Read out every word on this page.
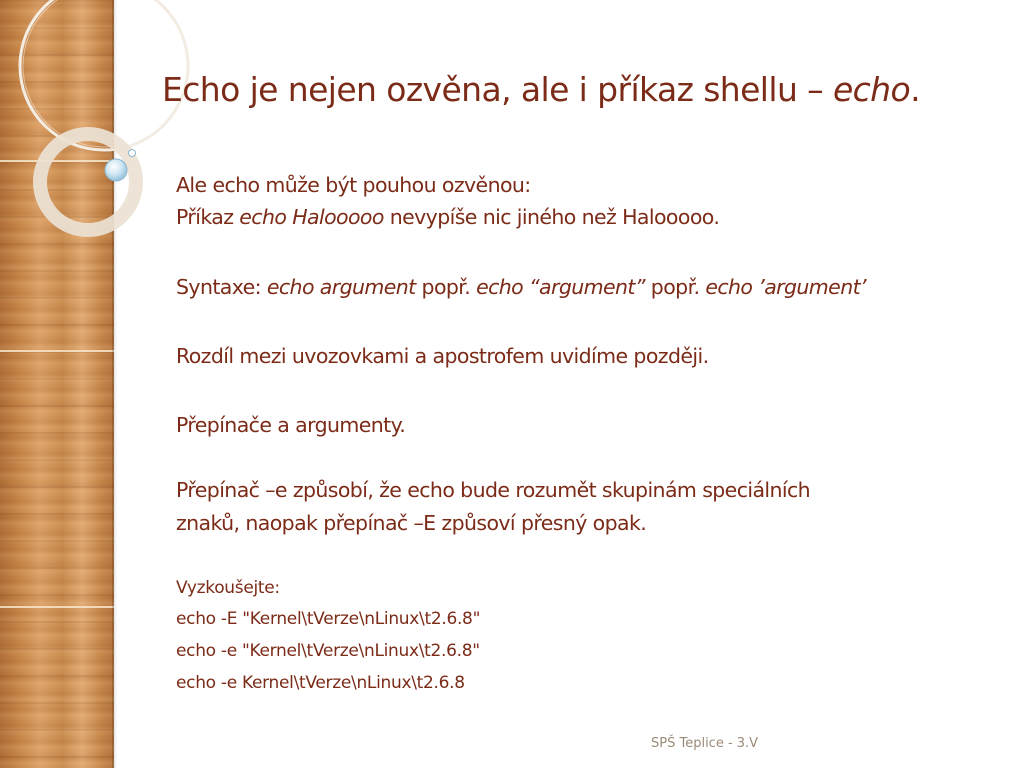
Echo je nejen ozvěna, ale i příkaz shellu – echo.
Ale echo může být pouhou ozvěnou:
Příkaz echo Halooooo nevypíše nic jiného než Halooooo.
Syntaxe: echo argument popř. echo “argument” popř. echo ’argument’
Rozdíl mezi uvozovkami a apostrofem uvidíme později.
Přepínače a argumenty.
Přepínač –e způsobí, že echo bude rozumět skupinám speciálních
znaků, naopak přepínač –E způsoví přesný opak.
Vyzkoušejte:
echo -E "Kernel\tVerze\nLinux\t2.6.8"
echo -e "Kernel\tVerze\nLinux\t2.6.8"
echo -e Kernel\tVerze\nLinux\t2.6.8
SPŠ Teplice - 3.V
